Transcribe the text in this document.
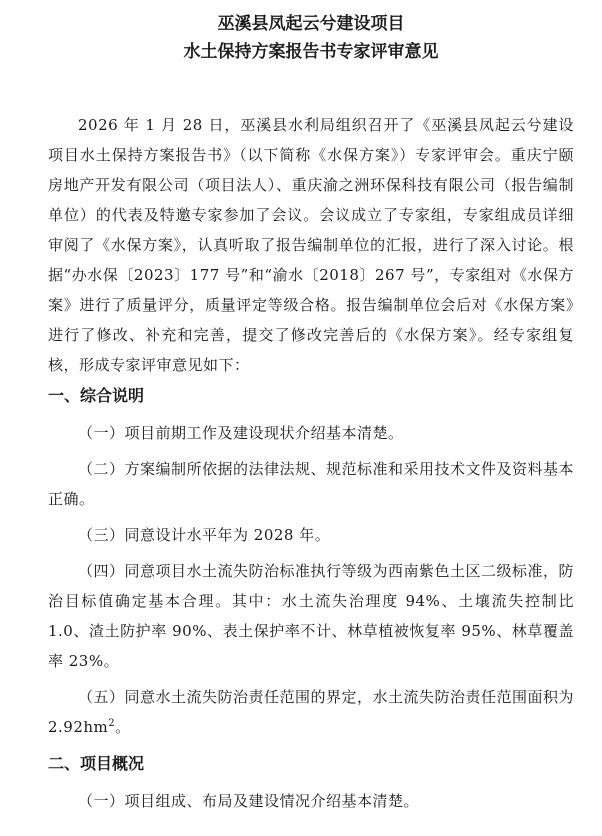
巫溪县凤起云兮建设项目
水土保持方案报告书专家评审意见

2026 年 1 月 28 日，巫溪县水利局组织召开了《巫溪县凤起云兮建设项目水土保持方案报告书》（以下简称《水保方案》）专家评审会。重庆宁颐房地产开发有限公司（项目法人）、重庆渝之洲环保科技有限公司（报告编制单位）的代表及特邀专家参加了会议。会议成立了专家组，专家组成员详细审阅了《水保方案》，认真听取了报告编制单位的汇报，进行了深入讨论。根据“办水保〔2023〕177 号”和“渝水〔2018〕267 号”，专家组对《水保方案》进行了质量评分，质量评定等级合格。报告编制单位会后对《水保方案》进行了修改、补充和完善，提交了修改完善后的《水保方案》。经专家组复核，形成专家评审意见如下：

一、综合说明

（一）项目前期工作及建设现状介绍基本清楚。

（二）方案编制所依据的法律法规、规范标准和采用技术文件及资料基本正确。

（三）同意设计水平年为 2028 年。

（四）同意项目水土流失防治标准执行等级为西南紫色土区二级标准，防治目标值确定基本合理。其中：水土流失治理度 94%、土壤流失控制比 1.0、渣土防护率 90%、表土保护率不计、林草植被恢复率 95%、林草覆盖率 23%。

（五）同意水土流失防治责任范围的界定，水土流失防治责任范围面积为 $2.92hm^2$。

二、项目概况

（一）项目组成、布局及建设情况介绍基本清楚。
